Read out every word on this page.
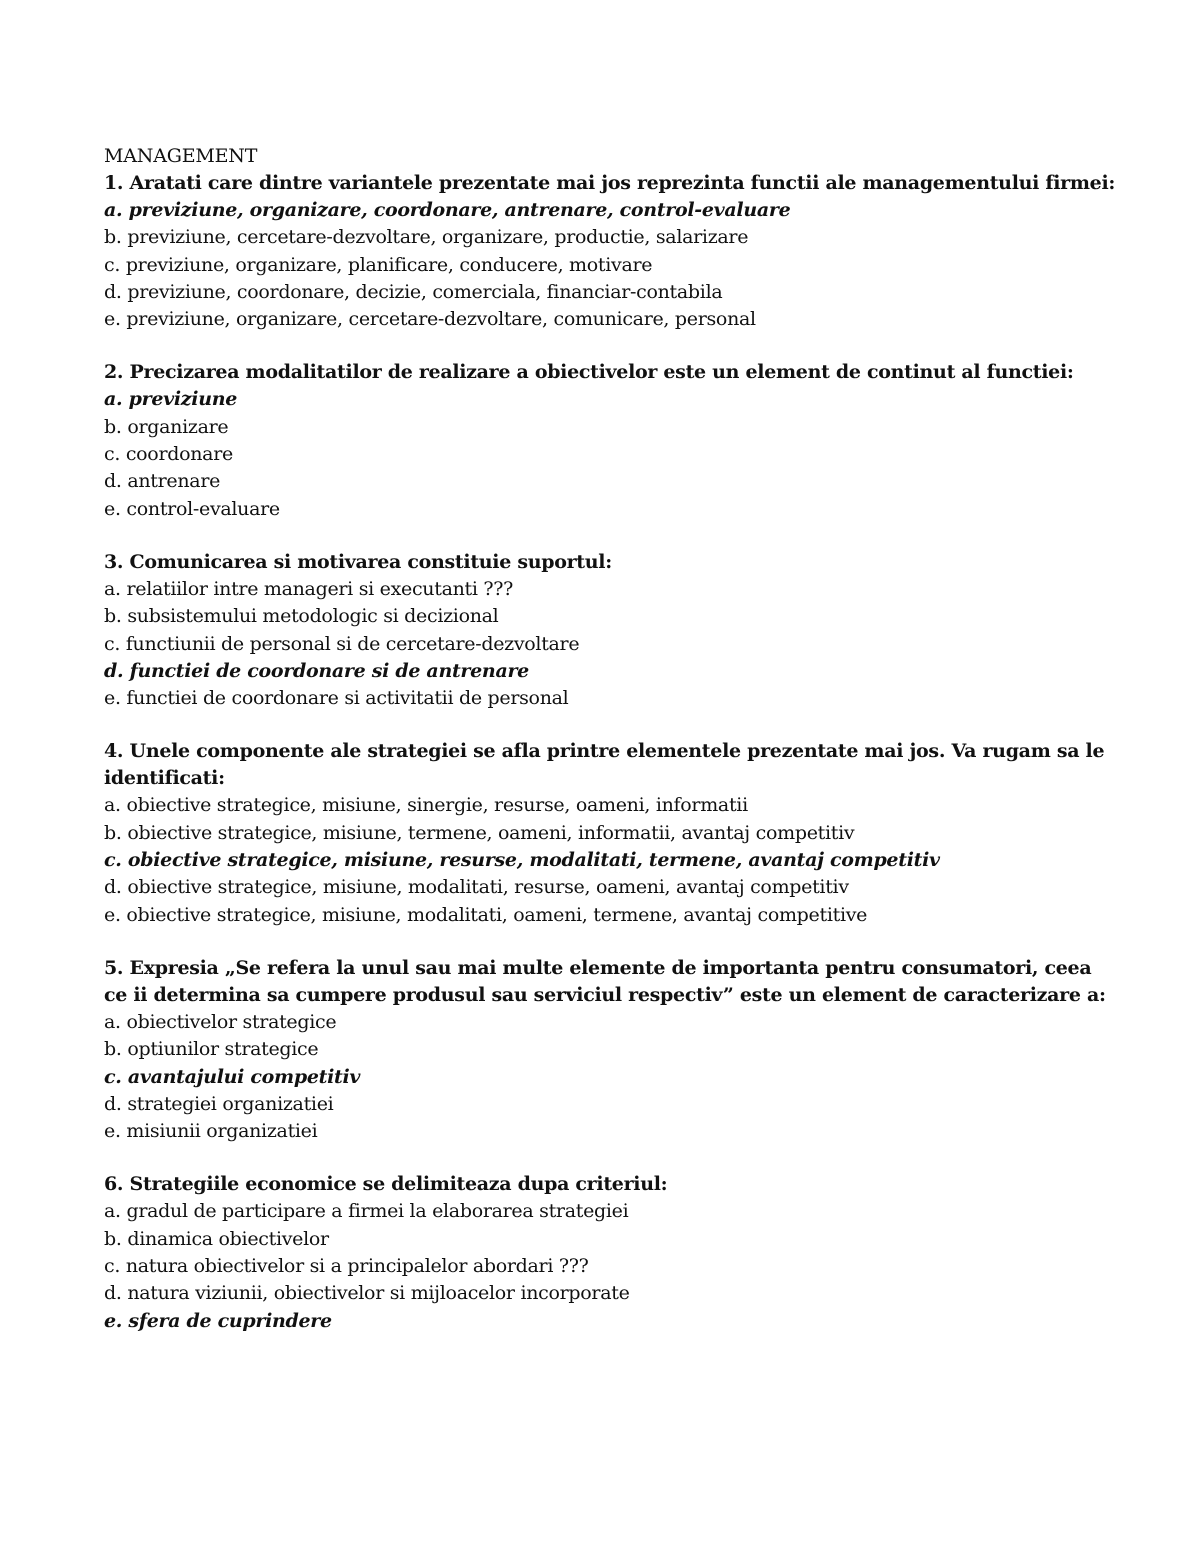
MANAGEMENT

1. Aratati care dintre variantele prezentate mai jos reprezinta functii ale managementului firmei:

a. previziune, organizare, coordonare, antrenare, control-evaluare

b. previziune, cercetare-dezvoltare, organizare, productie, salarizare

c. previziune, organizare, planificare, conducere, motivare

d. previziune, coordonare, decizie, comerciala, financiar-contabila

e. previziune, organizare, cercetare-dezvoltare, comunicare, personal

2. Precizarea modalitatilor de realizare a obiectivelor este un element de continut al functiei:

a. previziune

b. organizare

c. coordonare

d. antrenare

e. control-evaluare

3. Comunicarea si motivarea constituie suportul:

a. relatiilor intre manageri si executanti ???

b. subsistemului metodologic si decizional

c. functiunii de personal si de cercetare-dezvoltare

d. functiei de coordonare si de antrenare

e. functiei de coordonare si activitatii de personal

4. Unele componente ale strategiei se afla printre elementele prezentate mai jos. Va rugam sa le identificati:

a. obiective strategice, misiune, sinergie, resurse, oameni, informatii

b. obiective strategice, misiune, termene, oameni, informatii, avantaj competitiv

c. obiective strategice, misiune, resurse, modalitati, termene, avantaj competitiv

d. obiective strategice, misiune, modalitati, resurse, oameni, avantaj competitiv

e. obiective strategice, misiune, modalitati, oameni, termene, avantaj competitive

5. Expresia „Se refera la unul sau mai multe elemente de importanta pentru consumatori, ceea ce ii determina sa cumpere produsul sau serviciul respectiv” este un element de caracterizare a:

a. obiectivelor strategice

b. optiunilor strategice

c. avantajului competitiv

d. strategiei organizatiei

e. misiunii organizatiei

6. Strategiile economice se delimiteaza dupa criteriul:

a. gradul de participare a firmei la elaborarea strategiei

b. dinamica obiectivelor

c. natura obiectivelor si a principalelor abordari ???

d. natura viziunii, obiectivelor si mijloacelor incorporate

e. sfera de cuprindere
